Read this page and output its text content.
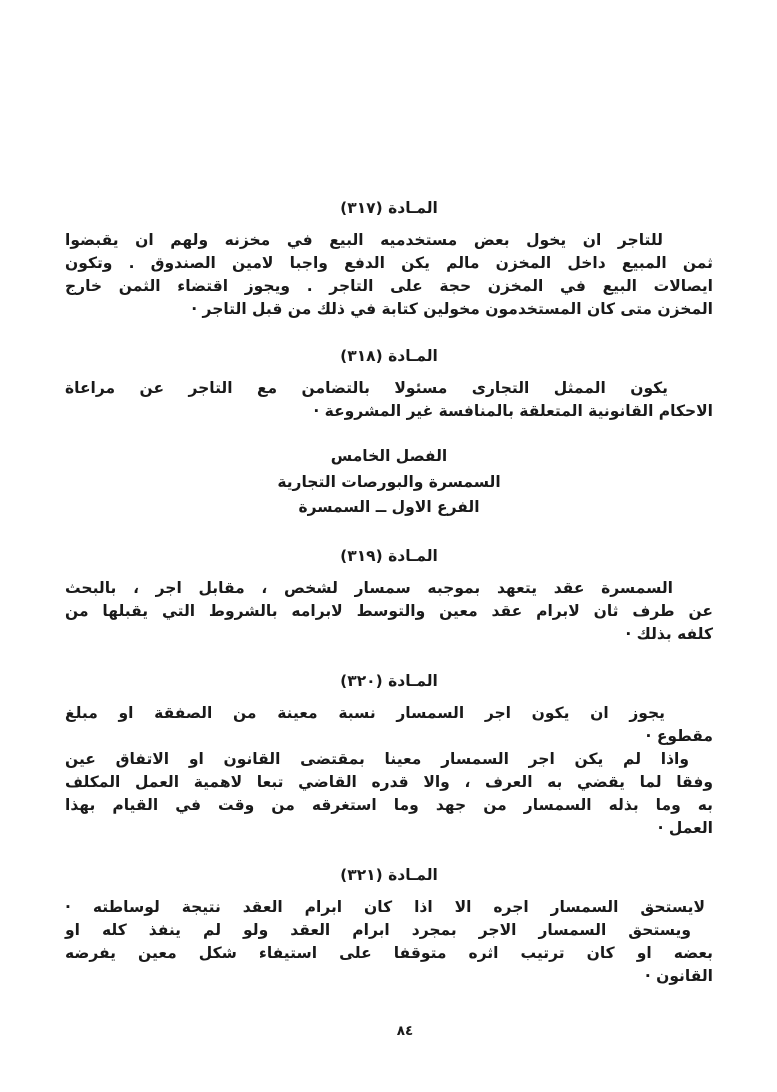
المـادة (٣١٧)
للتاجر ان يخول بعض مستخدميه البيع في مخزنه ولهم ان يقبضوا
ثمن المبيع داخل المخزن مالم يكن الدفع واجبا لامين الصندوق . وتكون
ايصالات البيع في المخزن حجة على التاجر . ويجوز اقتضاء الثمن خارج
المخزن متى كان المستخدمون مخولين كتابة في ذلك من قبل التاجر ·
المـادة (٣١٨)
يكون الممثل التجارى مسئولا بالتضامن مع التاجر عن مراعاة
الاحكام القانونية المتعلقة بالمنافسة غير المشروعة ·
الفصل الخامس
السمسرة والبورصات التجارية
الفرع الاول ــ السمسرة
المـادة (٣١٩)
السمسرة عقد يتعهد بموجبه سمسار لشخص ، مقابل اجر ، بالبحث
عن طرف ثان لابرام عقد معين والتوسط لابرامه بالشروط التي يقبلها من
كلفه بذلك ·
المـادة (٣٢٠)
يجوز ان يكون اجر السمسار نسبة معينة من الصفقة او مبلغ
مقطوع ·
واذا لم يكن اجر السمسار معينا بمقتضى القانون او الاتفاق عين
وفقا لما يقضي به العرف ، والا قدره القاضي تبعا لاهمية العمل المكلف
به وما بذله السمسار من جهد وما استغرقه من وقت في القيام بهذا
العمل ·
المـادة (٣٢١)
لايستحق السمسار اجره الا اذا كان ابرام العقد نتيجة لوساطته ·
ويستحق السمسار الاجر بمجرد ابرام العقد ولو لم ينفذ كله او
بعضه او كان ترتيب اثره متوقفا على استيفاء شكل معين يفرضه
القانون ·
٨٤
